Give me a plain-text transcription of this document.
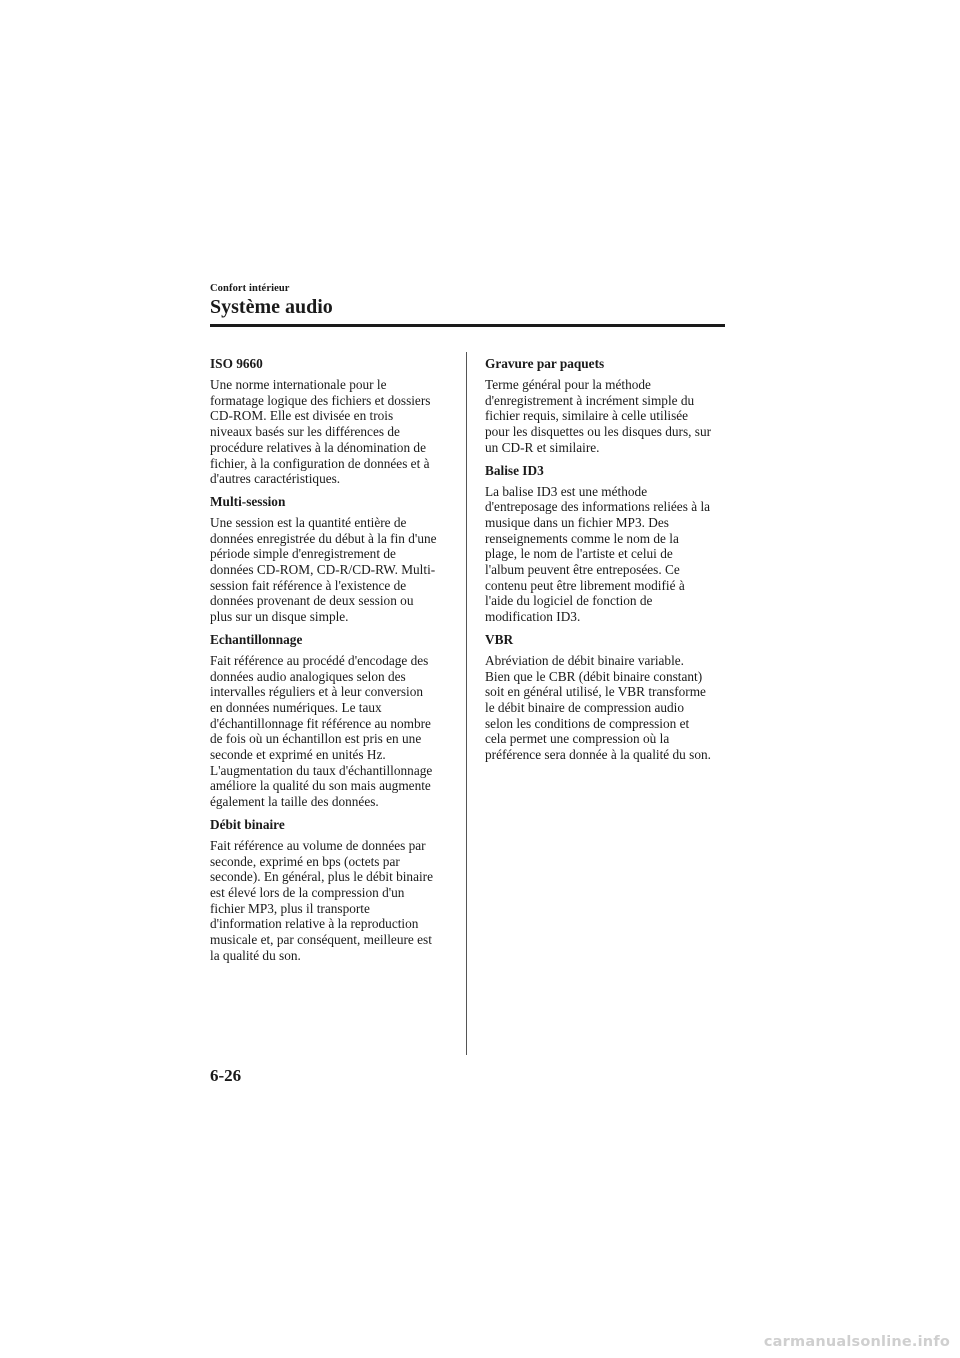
Confort intérieur
Système audio
ISO 9660

Une norme internationale pour le
formatage logique des fichiers et dossiers
CD-ROM. Elle est divisée en trois
niveaux basés sur les différences de
procédure relatives à la dénomination de
fichier, à la configuration de données et à
d'autres caractéristiques.

Multi-session

Une session est la quantité entière de
données enregistrée du début à la fin d'une
période simple d'enregistrement de
données CD-ROM, CD-R/CD-RW. Multi-
session fait référence à l'existence de
données provenant de deux session ou
plus sur un disque simple.

Echantillonnage

Fait référence au procédé d'encodage des
données audio analogiques selon des
intervalles réguliers et à leur conversion
en données numériques. Le taux
d'échantillonnage fit référence au nombre
de fois où un échantillon est pris en une
seconde et exprimé en unités Hz.
L'augmentation du taux d'échantillonnage
améliore la qualité du son mais augmente
également la taille des données.

Débit binaire

Fait référence au volume de données par
seconde, exprimé en bps (octets par
seconde). En général, plus le débit binaire
est élevé lors de la compression d'un
fichier MP3, plus il transporte
d'information relative à la reproduction
musicale et, par conséquent, meilleure est
la qualité du son.

Gravure par paquets

Terme général pour la méthode
d'enregistrement à incrément simple du
fichier requis, similaire à celle utilisée
pour les disquettes ou les disques durs, sur
un CD-R et similaire.

Balise ID3

La balise ID3 est une méthode
d'entreposage des informations reliées à la
musique dans un fichier MP3. Des
renseignements comme le nom de la
plage, le nom de l'artiste et celui de
l'album peuvent être entreposées. Ce
contenu peut être librement modifié à
l'aide du logiciel de fonction de
modification ID3.

VBR

Abréviation de débit binaire variable.
Bien que le CBR (débit binaire constant)
soit en général utilisé, le VBR transforme
le débit binaire de compression audio
selon les conditions de compression et
cela permet une compression où la
préférence sera donnée à la qualité du son.

6-26
carmanualsonline.info
